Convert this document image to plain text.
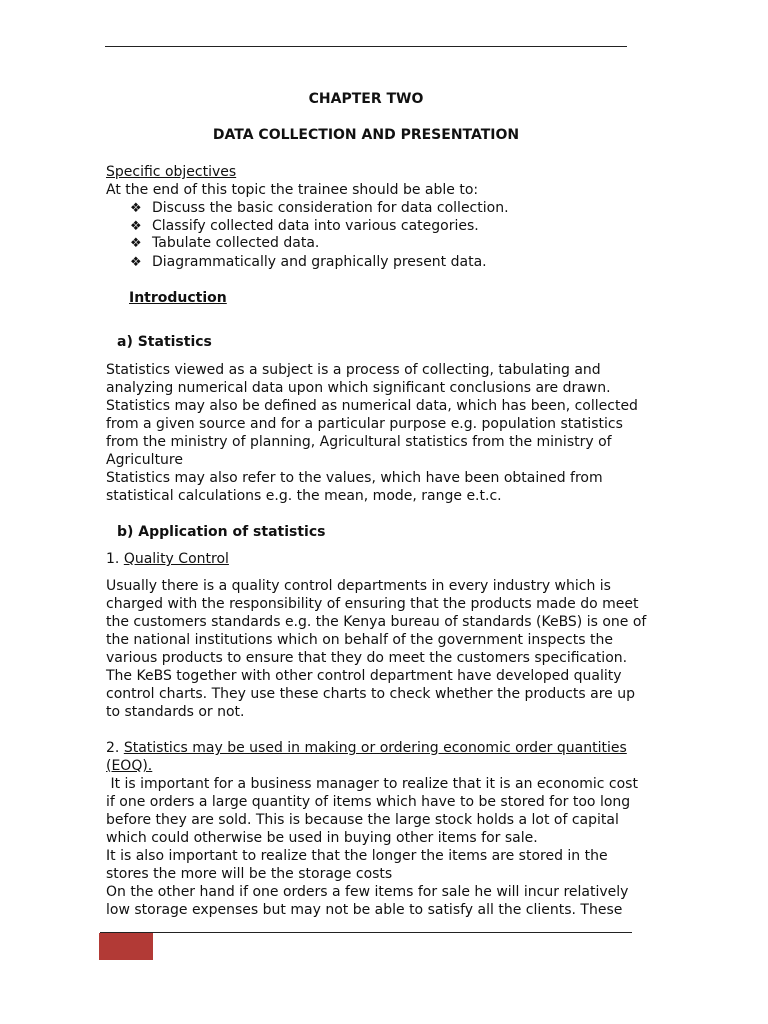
CHAPTER TWO
DATA COLLECTION AND PRESENTATION
Specific objectives
At the end of this topic the trainee should be able to:
❖ Discuss the basic consideration for data collection.
❖ Classify collected data into various categories.
❖ Tabulate collected data.
❖ Diagrammatically and graphically present data.
Introduction
a) Statistics
Statistics viewed as a subject is a process of collecting, tabulating and
analyzing numerical data upon which significant conclusions are drawn.
Statistics may also be defined as numerical data, which has been, collected
from a given source and for a particular purpose e.g. population statistics
from the ministry of planning, Agricultural statistics from the ministry of
Agriculture
Statistics may also refer to the values, which have been obtained from
statistical calculations e.g. the mean, mode, range e.t.c.
b) Application of statistics
1. Quality Control
Usually there is a quality control departments in every industry which is
charged with the responsibility of ensuring that the products made do meet
the customers standards e.g. the Kenya bureau of standards (KeBS) is one of
the national institutions which on behalf of the government inspects the
various products to ensure that they do meet the customers specification.
The KeBS together with other control department have developed quality
control charts. They use these charts to check whether the products are up
to standards or not.
2. Statistics may be used in making or ordering economic order quantities
(EOQ).
It is important for a business manager to realize that it is an economic cost
if one orders a large quantity of items which have to be stored for too long
before they are sold. This is because the large stock holds a lot of capital
which could otherwise be used in buying other items for sale.
It is also important to realize that the longer the items are stored in the
stores the more will be the storage costs
On the other hand if one orders a few items for sale he will incur relatively
low storage expenses but may not be able to satisfy all the clients. These
